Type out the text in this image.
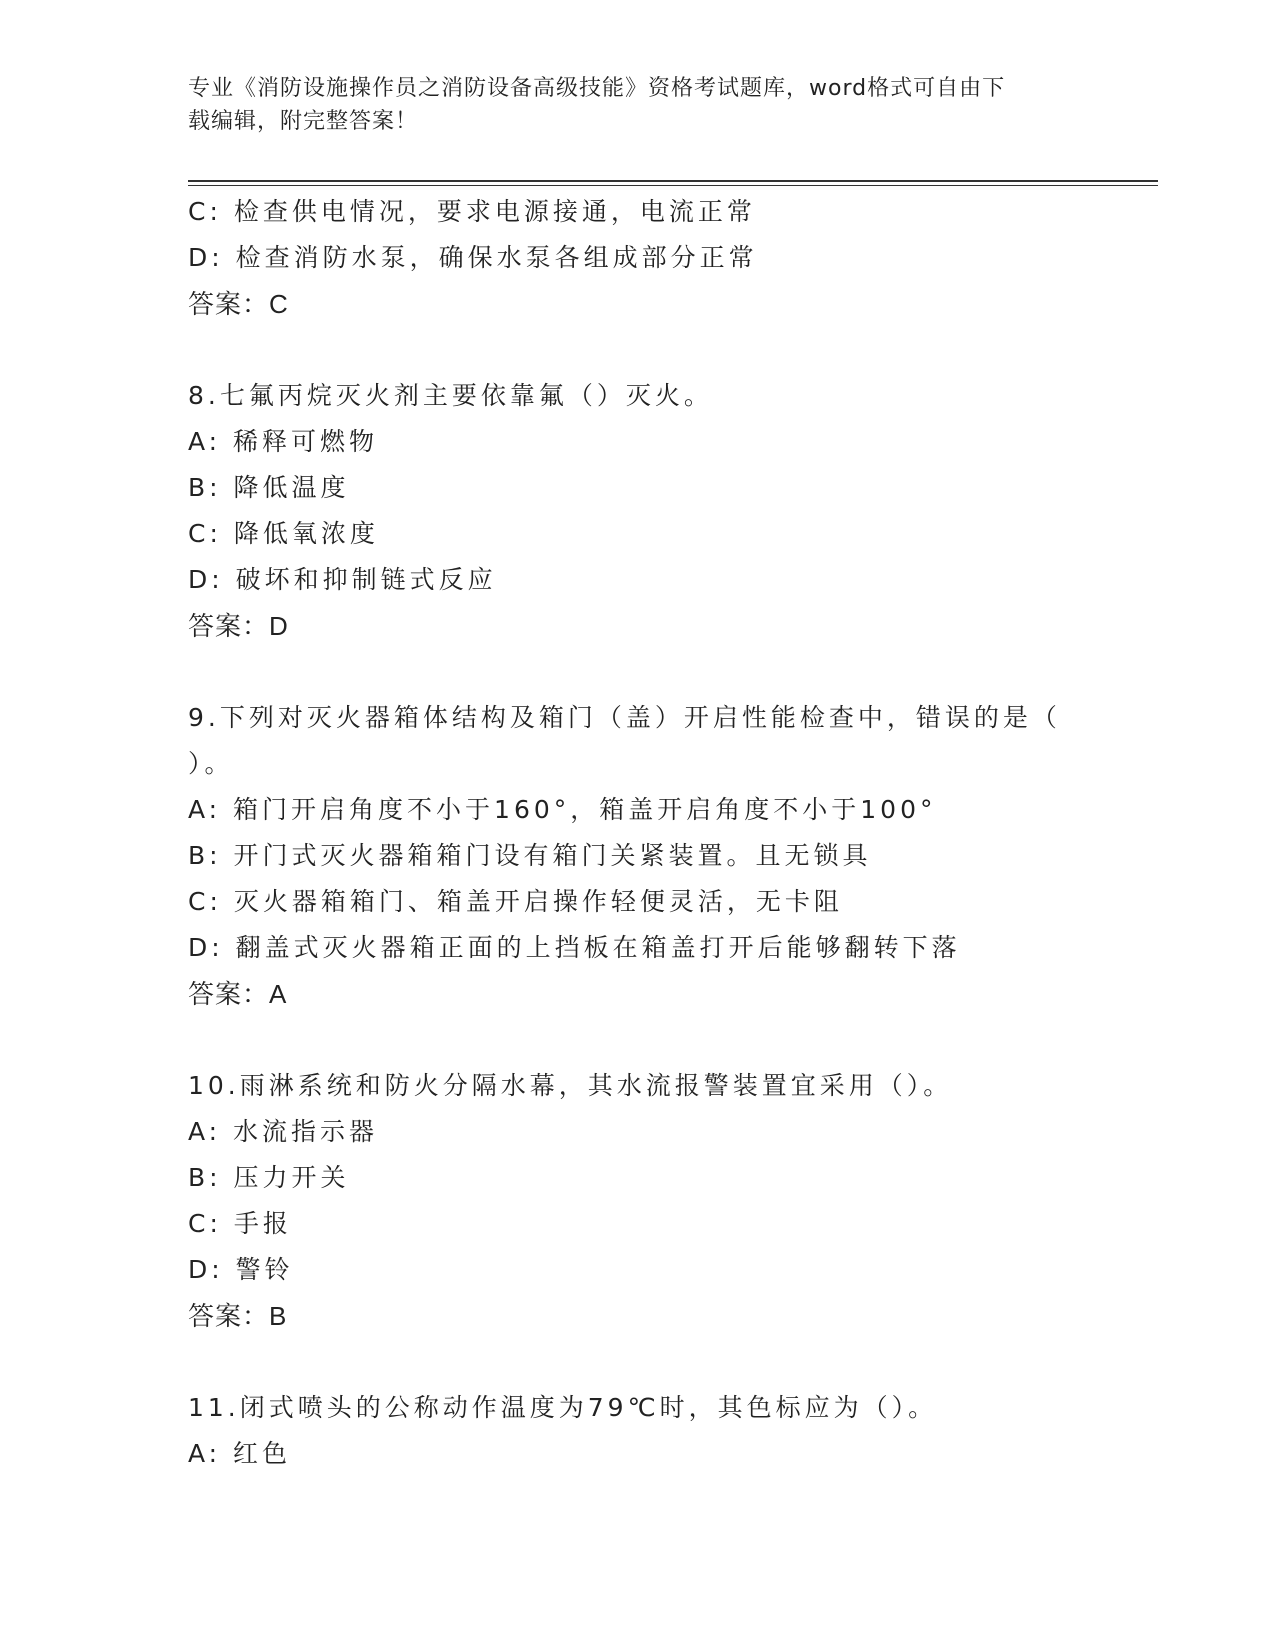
专业《消防设施操作员之消防设备高级技能》资格考试题库，word格式可自由下
载编辑，附完整答案！
C: 检查供电情况，要求电源接通，电流正常
D: 检查消防水泵，确保水泵各组成部分正常
答案：C
8.七氟丙烷灭火剂主要依靠氟（）灭火。
A: 稀释可燃物
B: 降低温度
C: 降低氧浓度
D: 破坏和抑制链式反应
答案：D
9.下列对灭火器箱体结构及箱门（盖）开启性能检查中，错误的是（
）。
A: 箱门开启角度不小于160°，箱盖开启角度不小于100°
B: 开门式灭火器箱箱门设有箱门关紧装置。且无锁具
C: 灭火器箱箱门、箱盖开启操作轻便灵活，无卡阻
D: 翻盖式灭火器箱正面的上挡板在箱盖打开后能够翻转下落
答案：A
10.雨淋系统和防火分隔水幕，其水流报警装置宜采用（）。
A: 水流指示器
B: 压力开关
C: 手报
D: 警铃
答案：B
11.闭式喷头的公称动作温度为79℃时，其色标应为（）。
A: 红色
